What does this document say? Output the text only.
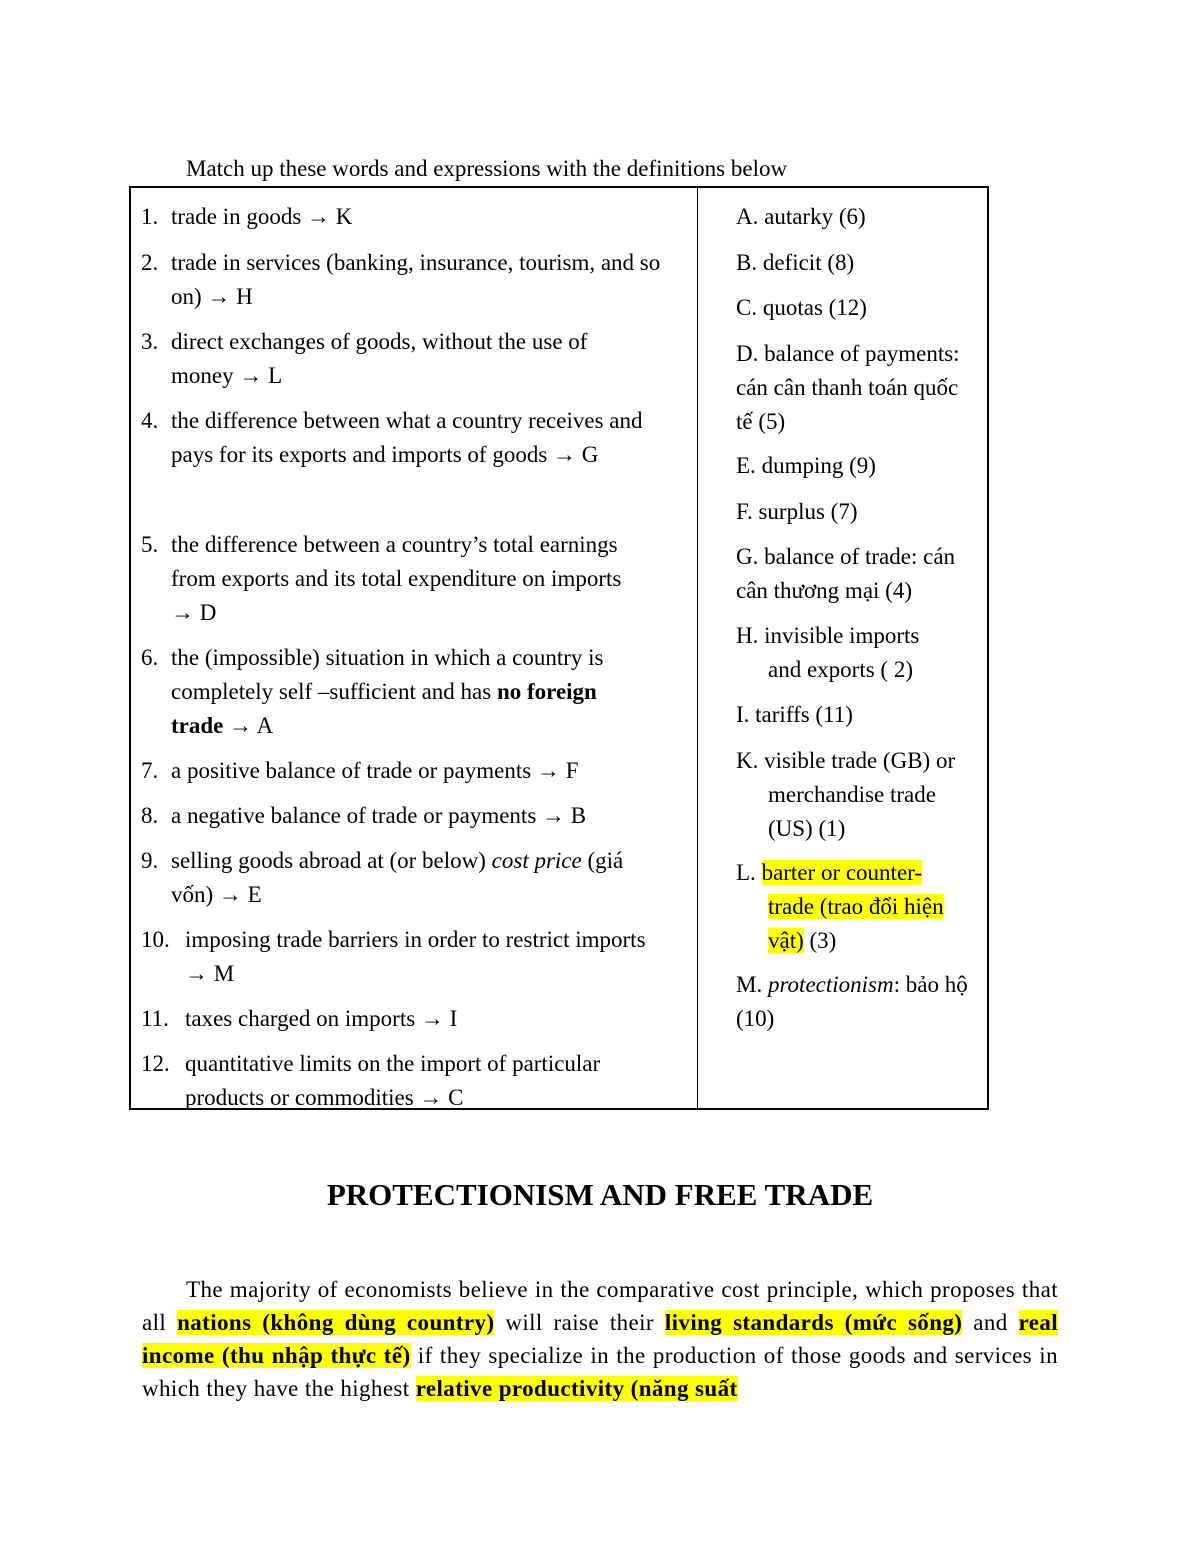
Match up these words and expressions with the definitions below
1. trade in goods → K
2. trade in services (banking, insurance, tourism, and so on) → H
3. direct exchanges of goods, without the use of money → L
4. the difference between what a country receives and pays for its exports and imports of goods → G
5. the difference between a country’s total earnings from exports and its total expenditure on imports → D
6. the (impossible) situation in which a country is completely self –sufficient and has no foreign trade → A
7. a positive balance of trade or payments → F
8. a negative balance of trade or payments → B
9. selling goods abroad at (or below) cost price (giá vốn) → E
10. imposing trade barriers in order to restrict imports → M
11. taxes charged on imports → I
12. quantitative limits on the import of particular products or commodities → C
A. autarky (6)
B. deficit (8)
C. quotas (12)
D. balance of payments: cán cân thanh toán quốc tế (5)
E. dumping (9)
F. surplus (7)
G. balance of trade: cán cân thương mại (4)
H. invisible imports and exports ( 2)
I. tariffs (11)
K. visible trade (GB) or merchandise trade (US) (1)
L. barter or counter-trade (trao đổi hiện vật) (3)
M. protectionism: bảo hộ (10)
PROTECTIONISM AND FREE TRADE
The majority of economists believe in the comparative cost principle, which proposes that all nations (không dùng country) will raise their living standards (mức sống) and real income (thu nhập thực tế) if they specialize in the production of those goods and services in which they have the highest relative productivity (năng suất
